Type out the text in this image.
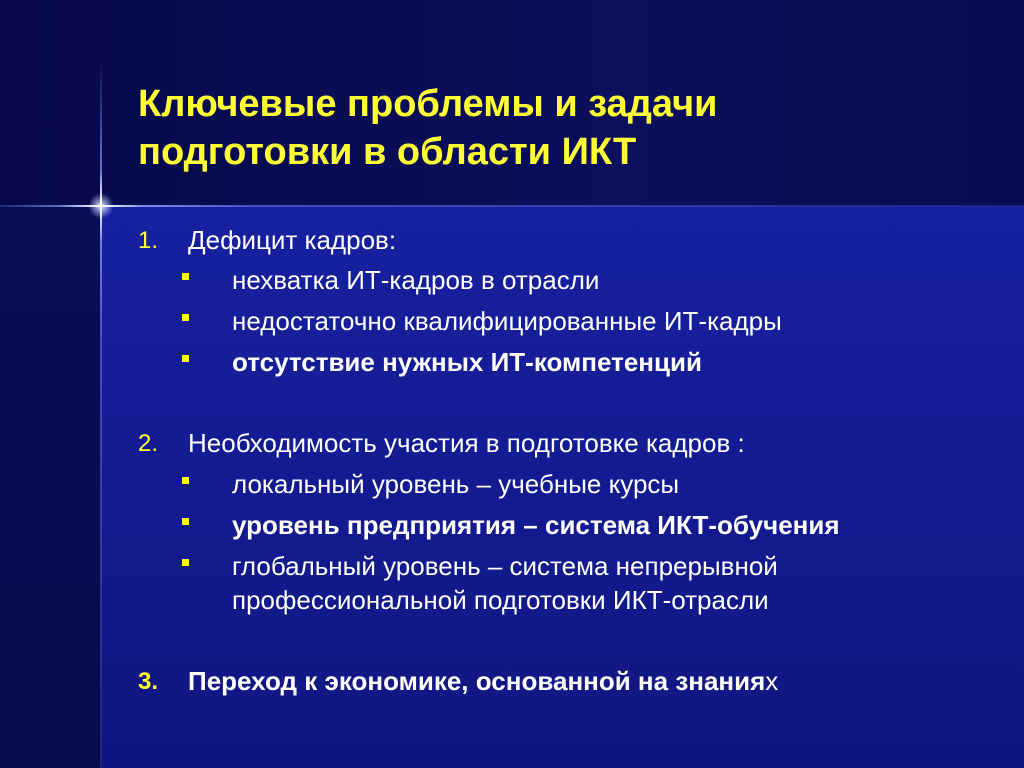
Ключевые проблемы и задачи
подготовки в области ИКТ
1. Дефицит кадров:
нехватка ИТ-кадров в отрасли
недостаточно квалифицированные ИТ-кадры
отсутствие нужных ИТ-компетенций
2. Необходимость участия в подготовке кадров :
локальный уровень – учебные курсы
уровень предприятия – система ИКТ-обучения
глобальный уровень – система непрерывной
профессиональной подготовки ИКТ-отрасли
3. Переход к экономике, основанной на знаниях
